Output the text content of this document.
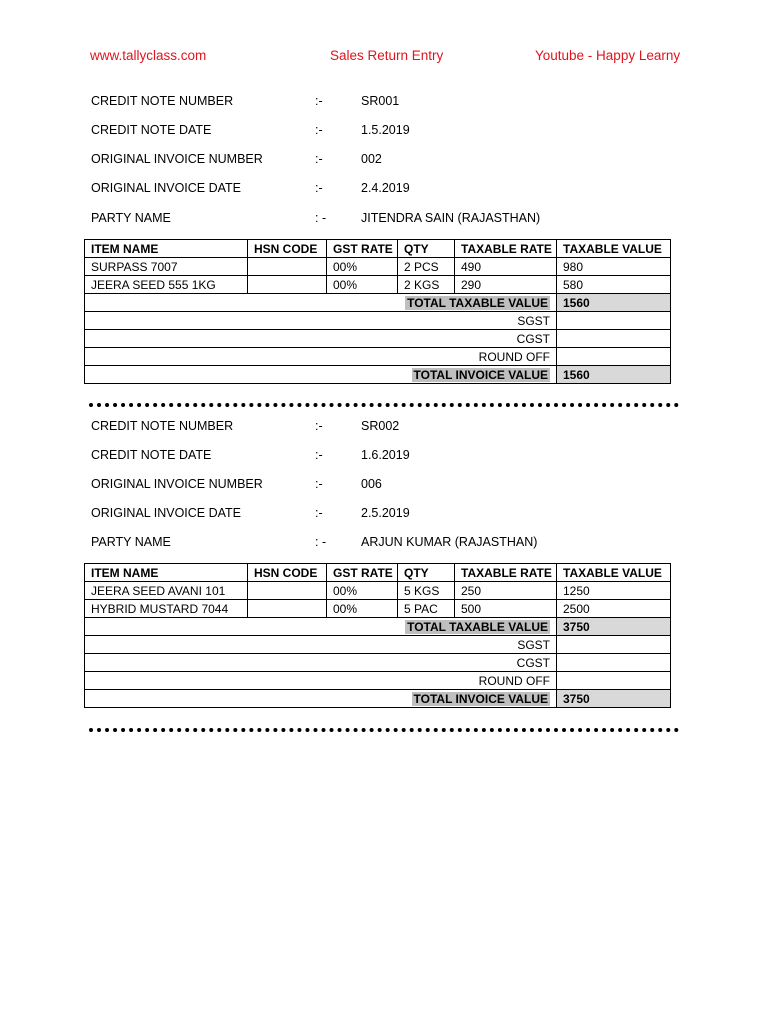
www.tallyclass.com	Sales Return Entry	Youtube - Happy Learny
CREDIT NOTE NUMBER	:-	SR001
CREDIT NOTE DATE	:-	1.5.2019
ORIGINAL INVOICE NUMBER	:-	002
ORIGINAL INVOICE DATE	:-	2.4.2019
PARTY NAME	: -	JITENDRA SAIN (RAJASTHAN)
ITEM NAME	HSN CODE	GST RATE	QTY	TAXABLE RATE	TAXABLE VALUE
SURPASS 7007		00%	2 PCS	490	980
JEERA SEED 555 1KG		00%	2 KGS	290	580
TOTAL TAXABLE VALUE					1560
SGST					
CGST					
ROUND OFF					
TOTAL INVOICE VALUE					1560
CREDIT NOTE NUMBER	:-	SR002
CREDIT NOTE DATE	:-	1.6.2019
ORIGINAL INVOICE NUMBER	:-	006
ORIGINAL INVOICE DATE	:-	2.5.2019
PARTY NAME	: -	ARJUN KUMAR (RAJASTHAN)
ITEM NAME	HSN CODE	GST RATE	QTY	TAXABLE RATE	TAXABLE VALUE
JEERA SEED AVANI 101		00%	5 KGS	250	1250
HYBRID MUSTARD 7044		00%	5 PAC	500	2500
TOTAL TAXABLE VALUE					3750
SGST					
CGST					
ROUND OFF					
TOTAL INVOICE VALUE					3750
